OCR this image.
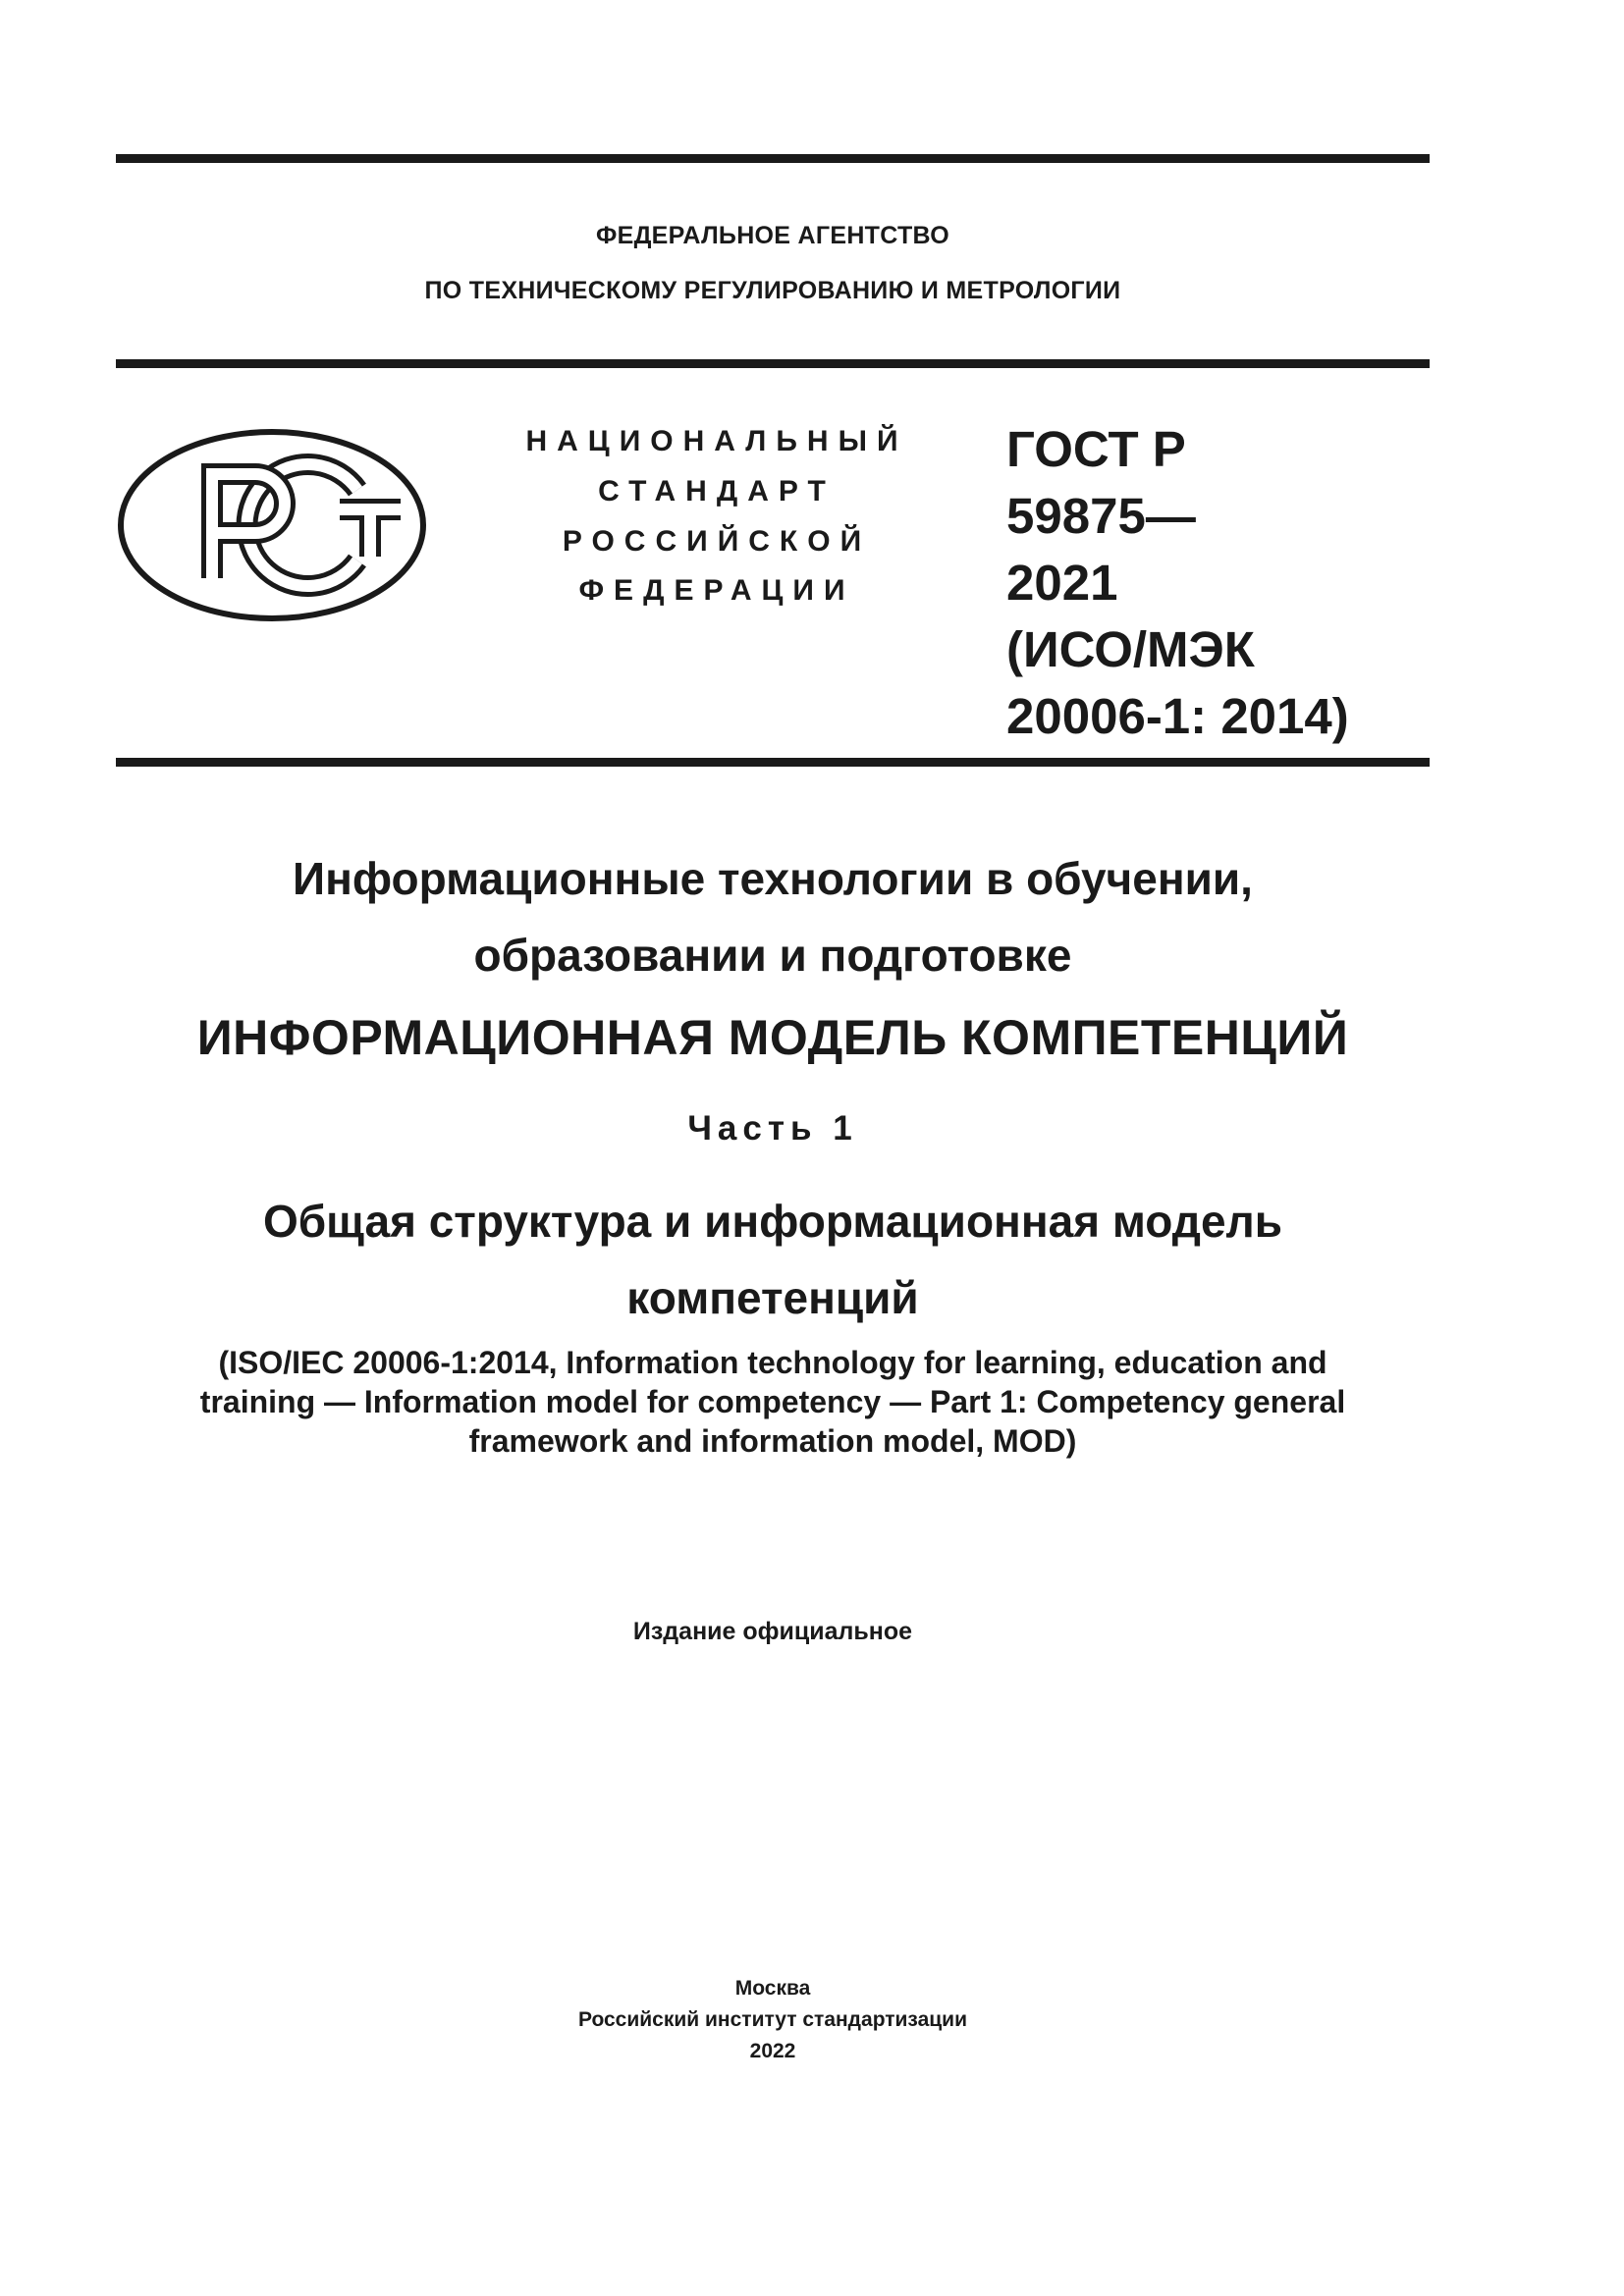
ФЕДЕРАЛЬНОЕ АГЕНТСТВО
ПО ТЕХНИЧЕСКОМУ РЕГУЛИРОВАНИЮ И МЕТРОЛОГИИ
НАЦИОНАЛЬНЫЙ
СТАНДАРТ
РОССИЙСКОЙ
ФЕДЕРАЦИИ
ГОСТ Р
59875—
2021
(ИСО/МЭК
20006-1: 2014)
Информационные технологии в обучении,
образовании и подготовке
ИНФОРМАЦИОННАЯ МОДЕЛЬ КОМПЕТЕНЦИЙ
Часть 1
Общая структура и информационная модель
компетенций
(ISO/IEC 20006-1:2014, Information technology for learning, education and
training — Information model for competency — Part 1: Competency general
framework and information model, MOD)
Издание официальное
Москва
Российский институт стандартизации
2022
